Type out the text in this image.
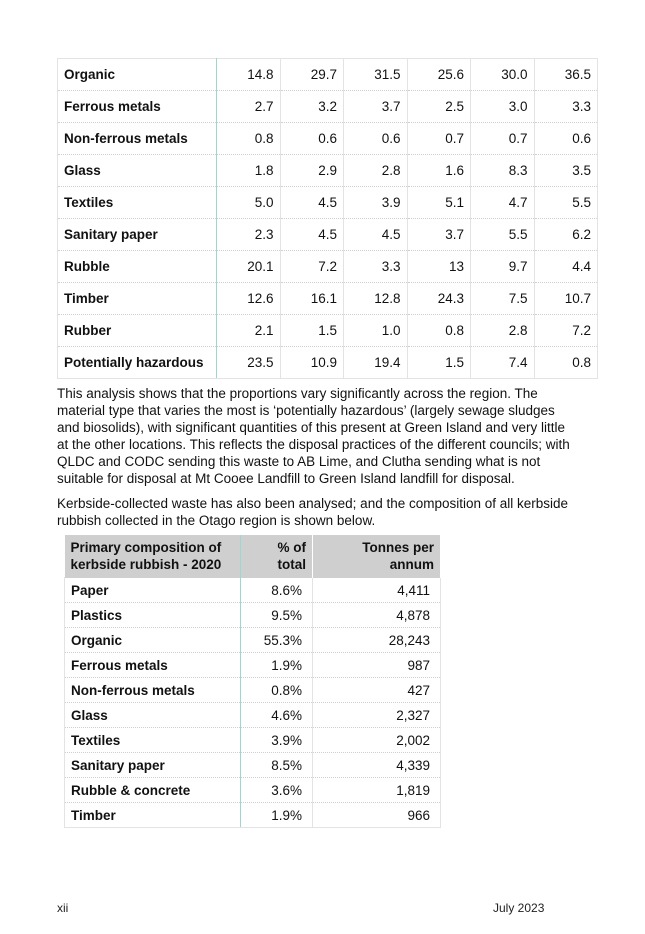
Organic	14.8	29.7	31.5	25.6	30.0	36.5
Ferrous metals	2.7	3.2	3.7	2.5	3.0	3.3
Non-ferrous metals	0.8	0.6	0.6	0.7	0.7	0.6
Glass	1.8	2.9	2.8	1.6	8.3	3.5
Textiles	5.0	4.5	3.9	5.1	4.7	5.5
Sanitary paper	2.3	4.5	4.5	3.7	5.5	6.2
Rubble	20.1	7.2	3.3	13	9.7	4.4
Timber	12.6	16.1	12.8	24.3	7.5	10.7
Rubber	2.1	1.5	1.0	0.8	2.8	7.2
Potentially hazardous	23.5	10.9	19.4	1.5	7.4	0.8

This analysis shows that the proportions vary significantly across the region. The material type that varies the most is ‘potentially hazardous’ (largely sewage sludges and biosolids), with significant quantities of this present at Green Island and very little at the other locations. This reflects the disposal practices of the different councils; with QLDC and CODC sending this waste to AB Lime, and Clutha sending what is not suitable for disposal at Mt Cooee Landfill to Green Island landfill for disposal.

Kerbside-collected waste has also been analysed; and the composition of all kerbside rubbish collected in the Otago region is shown below.

Primary composition of kerbside rubbish - 2020	% of total	Tonnes per annum
Paper	8.6%	4,411
Plastics	9.5%	4,878
Organic	55.3%	28,243
Ferrous metals	1.9%	987
Non-ferrous metals	0.8%	427
Glass	4.6%	2,327
Textiles	3.9%	2,002
Sanitary paper	8.5%	4,339
Rubble & concrete	3.6%	1,819
Timber	1.9%	966
xii	July 2023
